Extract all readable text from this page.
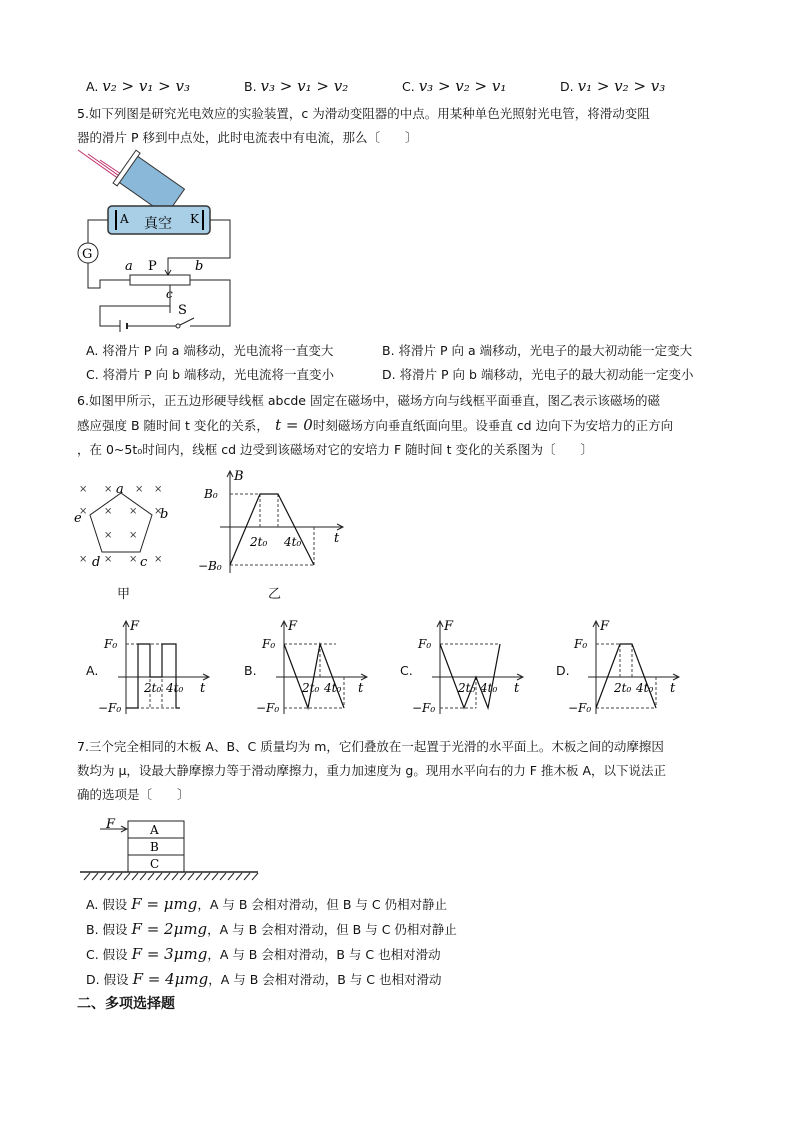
A. v₂ > v₁ > v₃	B. v₃ > v₁ > v₂	C. v₃ > v₂ > v₁	D. v₁ > v₂ > v₃
5.如下列图是研究光电效应的实验装置，c 为滑动变阻器的中点。用某种单色光照射光电管，将滑动变阻
器的滑片 P 移到中点处，此时电流表中有电流，那么〔　　〕
A	K
真空
G
P
a	b
c
S
A. 将滑片 P 向 a 端移动，光电流将一直变大	B. 将滑片 P 向 a 端移动，光电子的最大初动能一定变大
C. 将滑片 P 向 b 端移动，光电流将一直变小	D. 将滑片 P 向 b 端移动，光电子的最大初动能一定变小
6.如图甲所示，正五边形硬导线框 abcde 固定在磁场中，磁场方向与线框平面垂直，图乙表示该磁场的磁
感应强度 B 随时间 t 变化的关系，　 t = 0时刻磁场方向垂直纸面向里。设垂直 cd 边向下为安培力的正方向
，在 0~5t₀时间内，线框 cd 边受到该磁场对它的安培力 F 随时间 t 变化的关系图为〔　　〕
× × × ×
× × × ×
× ×
× × × ×
a
b
c
d
e
甲
B
t
B₀
−B₀
2t₀ 4t₀
乙
A.
F
t
F₀
−F₀
2t₀ 4t₀
B.
F
t
F₀
−F₀
2t₀ 4t₀
C.
F
t
F₀
−F₀
2t₀ 4t₀
D.
F
t
F₀
−F₀
2t₀ 4t₀
7.三个完全相同的木板 A、B、C 质量均为 m，它们叠放在一起置于光滑的水平面上。木板之间的动摩擦因
数均为 μ，设最大静摩擦力等于滑动摩擦力，重力加速度为 g。现用水平向右的力 F 推木板 A，以下说法正
确的选项是〔　　〕
F	A
B
C
A. 假设 F = μmg，A 与 B 会相对滑动，但 B 与 C 仍相对静止
B. 假设 F = 2μmg，A 与 B 会相对滑动，但 B 与 C 仍相对静止
C. 假设 F = 3μmg，A 与 B 会相对滑动，B 与 C 也相对滑动
D. 假设 F = 4μmg，A 与 B 会相对滑动，B 与 C 也相对滑动
二、多项选择题
